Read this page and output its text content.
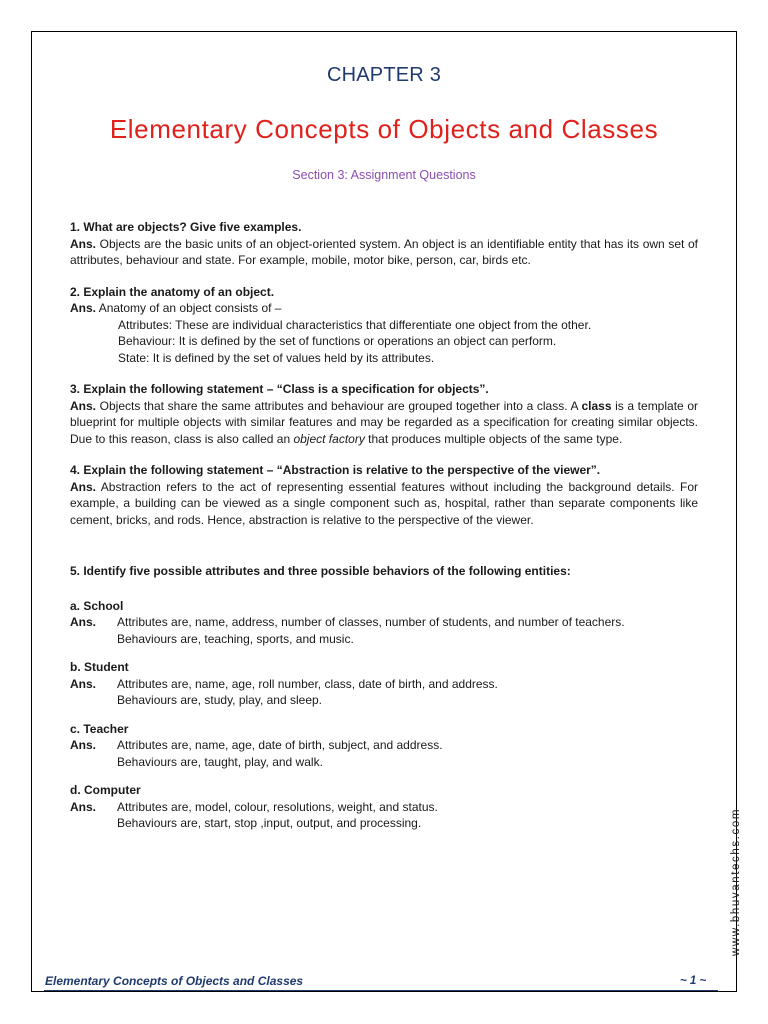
CHAPTER 3
Elementary Concepts of Objects and Classes
Section 3: Assignment Questions

1. What are objects? Give five examples.

Ans. Objects are the basic units of an object-oriented system. An object is an identifiable entity that has its own set of attributes, behaviour and state. For example, mobile, motor bike, person, car, birds etc.

2. Explain the anatomy of an object.

Ans. Anatomy of an object consists of –

Attributes: These are individual characteristics that differentiate one object from the other.

Behaviour: It is defined by the set of functions or operations an object can perform.

State: It is defined by the set of values held by its attributes.

3. Explain the following statement – “Class is a specification for objects”.

Ans. Objects that share the same attributes and behaviour are grouped together into a class. A class is a template or blueprint for multiple objects with similar features and may be regarded as a specification for creating similar objects. Due to this reason, class is also called an object factory that produces multiple objects of the same type.

4. Explain the following statement – “Abstraction is relative to the perspective of the viewer”.

Ans. Abstraction refers to the act of representing essential features without including the background details. For example, a building can be viewed as a single component such as, hospital, rather than separate components like cement, bricks, and rods. Hence, abstraction is relative to the perspective of the viewer.

5. Identify five possible attributes and three possible behaviors of the following entities:

a. School

Ans.	Attributes are, name, address, number of classes, number of students, and number of teachers.

Behaviours are, teaching, sports, and music.

b. Student

Ans.	Attributes are, name, age, roll number, class, date of birth, and address.

Behaviours are, study, play, and sleep.

c. Teacher

Ans.	Attributes are, name, age, date of birth, subject, and address.

Behaviours are, taught, play, and walk.

d. Computer

Ans.	Attributes are, model, colour, resolutions, weight, and status.

Behaviours are, start, stop ,input, output, and processing.	www.bhuvantechs.com
Elementary Concepts of Objects and Classes	~ 1 ~
